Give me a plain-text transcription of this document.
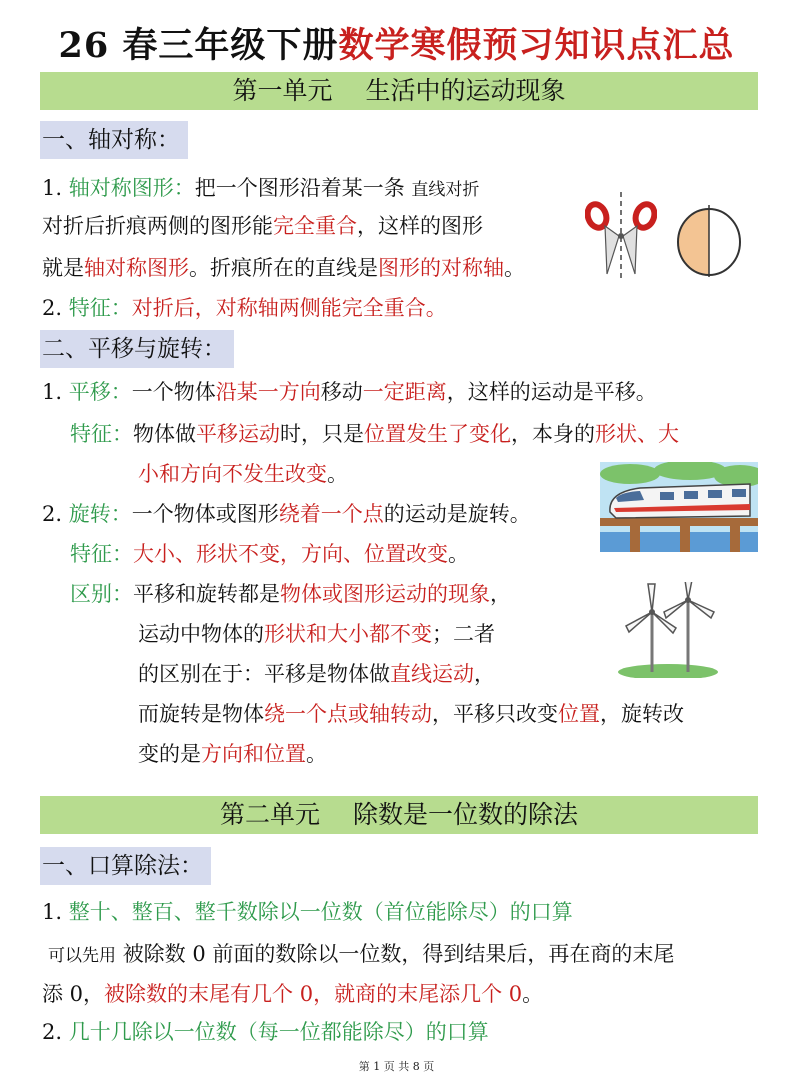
26 春三年级下册数学寒假预习知识点汇总
第一单元　 生活中的运动现象
一、轴对称：
1. 轴对称图形：把一个图形沿着某一条 直线对折
对折后折痕两侧的图形能完全重合，这样的图形
就是轴对称图形。折痕所在的直线是图形的对称轴。
2. 特征：对折后，对称轴两侧能完全重合。
二、平移与旋转：
1. 平移：一个物体沿某一方向移动一定距离，这样的运动是平移。
特征：物体做平移运动时，只是位置发生了变化，本身的形状、大
小和方向不发生改变。
2. 旋转：一个物体或图形绕着一个点的运动是旋转。
特征：大小、形状不变，方向、位置改变。
区别：平移和旋转都是物体或图形运动的现象，
运动中物体的形状和大小都不变；二者
的区别在于：平移是物体做直线运动，
而旋转是物体绕一个点或轴转动，平移只改变位置，旋转改
变的是方向和位置。
第二单元　 除数是一位数的除法
一、口算除法：
1. 整十、整百、整千数除以一位数（首位能除尽）的口算
可以先用 被除数 0 前面的数除以一位数，得到结果后，再在商的末尾
添 0，被除数的末尾有几个 0，就商的末尾添几个 0。
2. 几十几除以一位数（每一位都能除尽）的口算
第 1 页 共 8 页
